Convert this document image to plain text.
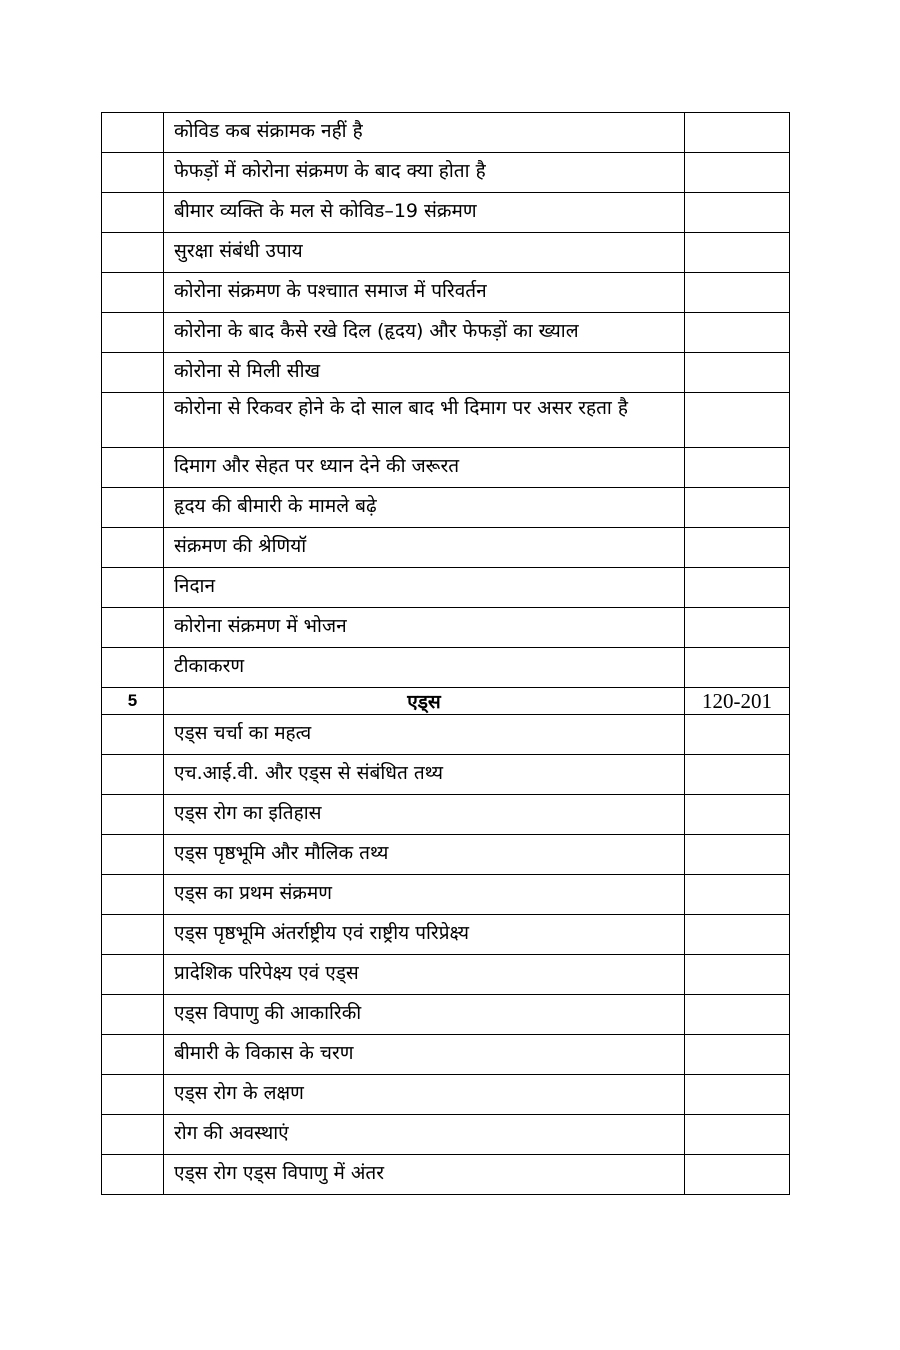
	कोविड कब संक्रामक नहीं है	

	फेफड़ों में कोरोना संक्रमण के बाद क्या होता है	

	बीमार व्यक्ति के मल से कोविड–19 संक्रमण	

	सुरक्षा संबंधी उपाय	

	कोरोना संक्रमण के पश्चाात समाज में परिवर्तन	

	कोरोना के बाद कैसे रखे दिल (हृदय) और फेफड़ों का ख्याल	

	कोरोना से मिली सीख	

	कोरोना से रिकवर होने के दो साल बाद भी दिमाग पर असर रहता है	

	दिमाग और सेहत पर ध्यान देने की जरूरत	

	हृदय की बीमारी के मामले बढ़े	

	संक्रमण की श्रेणियॉ	

	निदान	

	कोरोना संक्रमण में भोजन	

	टीकाकरण	

5	एड्स	120-201

	एड्स चर्चा का महत्व	

	एच.आई.वी. और एड्स से संबंधित तथ्य	

	एड्स रोग का इतिहास	

	एड्स पृष्ठभूमि और मौलिक तथ्य	

	एड्स का प्रथम संक्रमण	

	एड्स पृष्ठभूमि अंतर्राष्ट्रीय एवं राष्ट्रीय परिप्रेक्ष्य	

	प्रादेशिक परिपेक्ष्य एवं एड्स	

	एड्स विपाणु की आकारिकी	

	बीमारी के विकास के चरण	

	एड्स रोग के लक्षण	

	रोग की अवस्थाएं	

	एड्स रोग एड्स विपाणु में अंतर	
